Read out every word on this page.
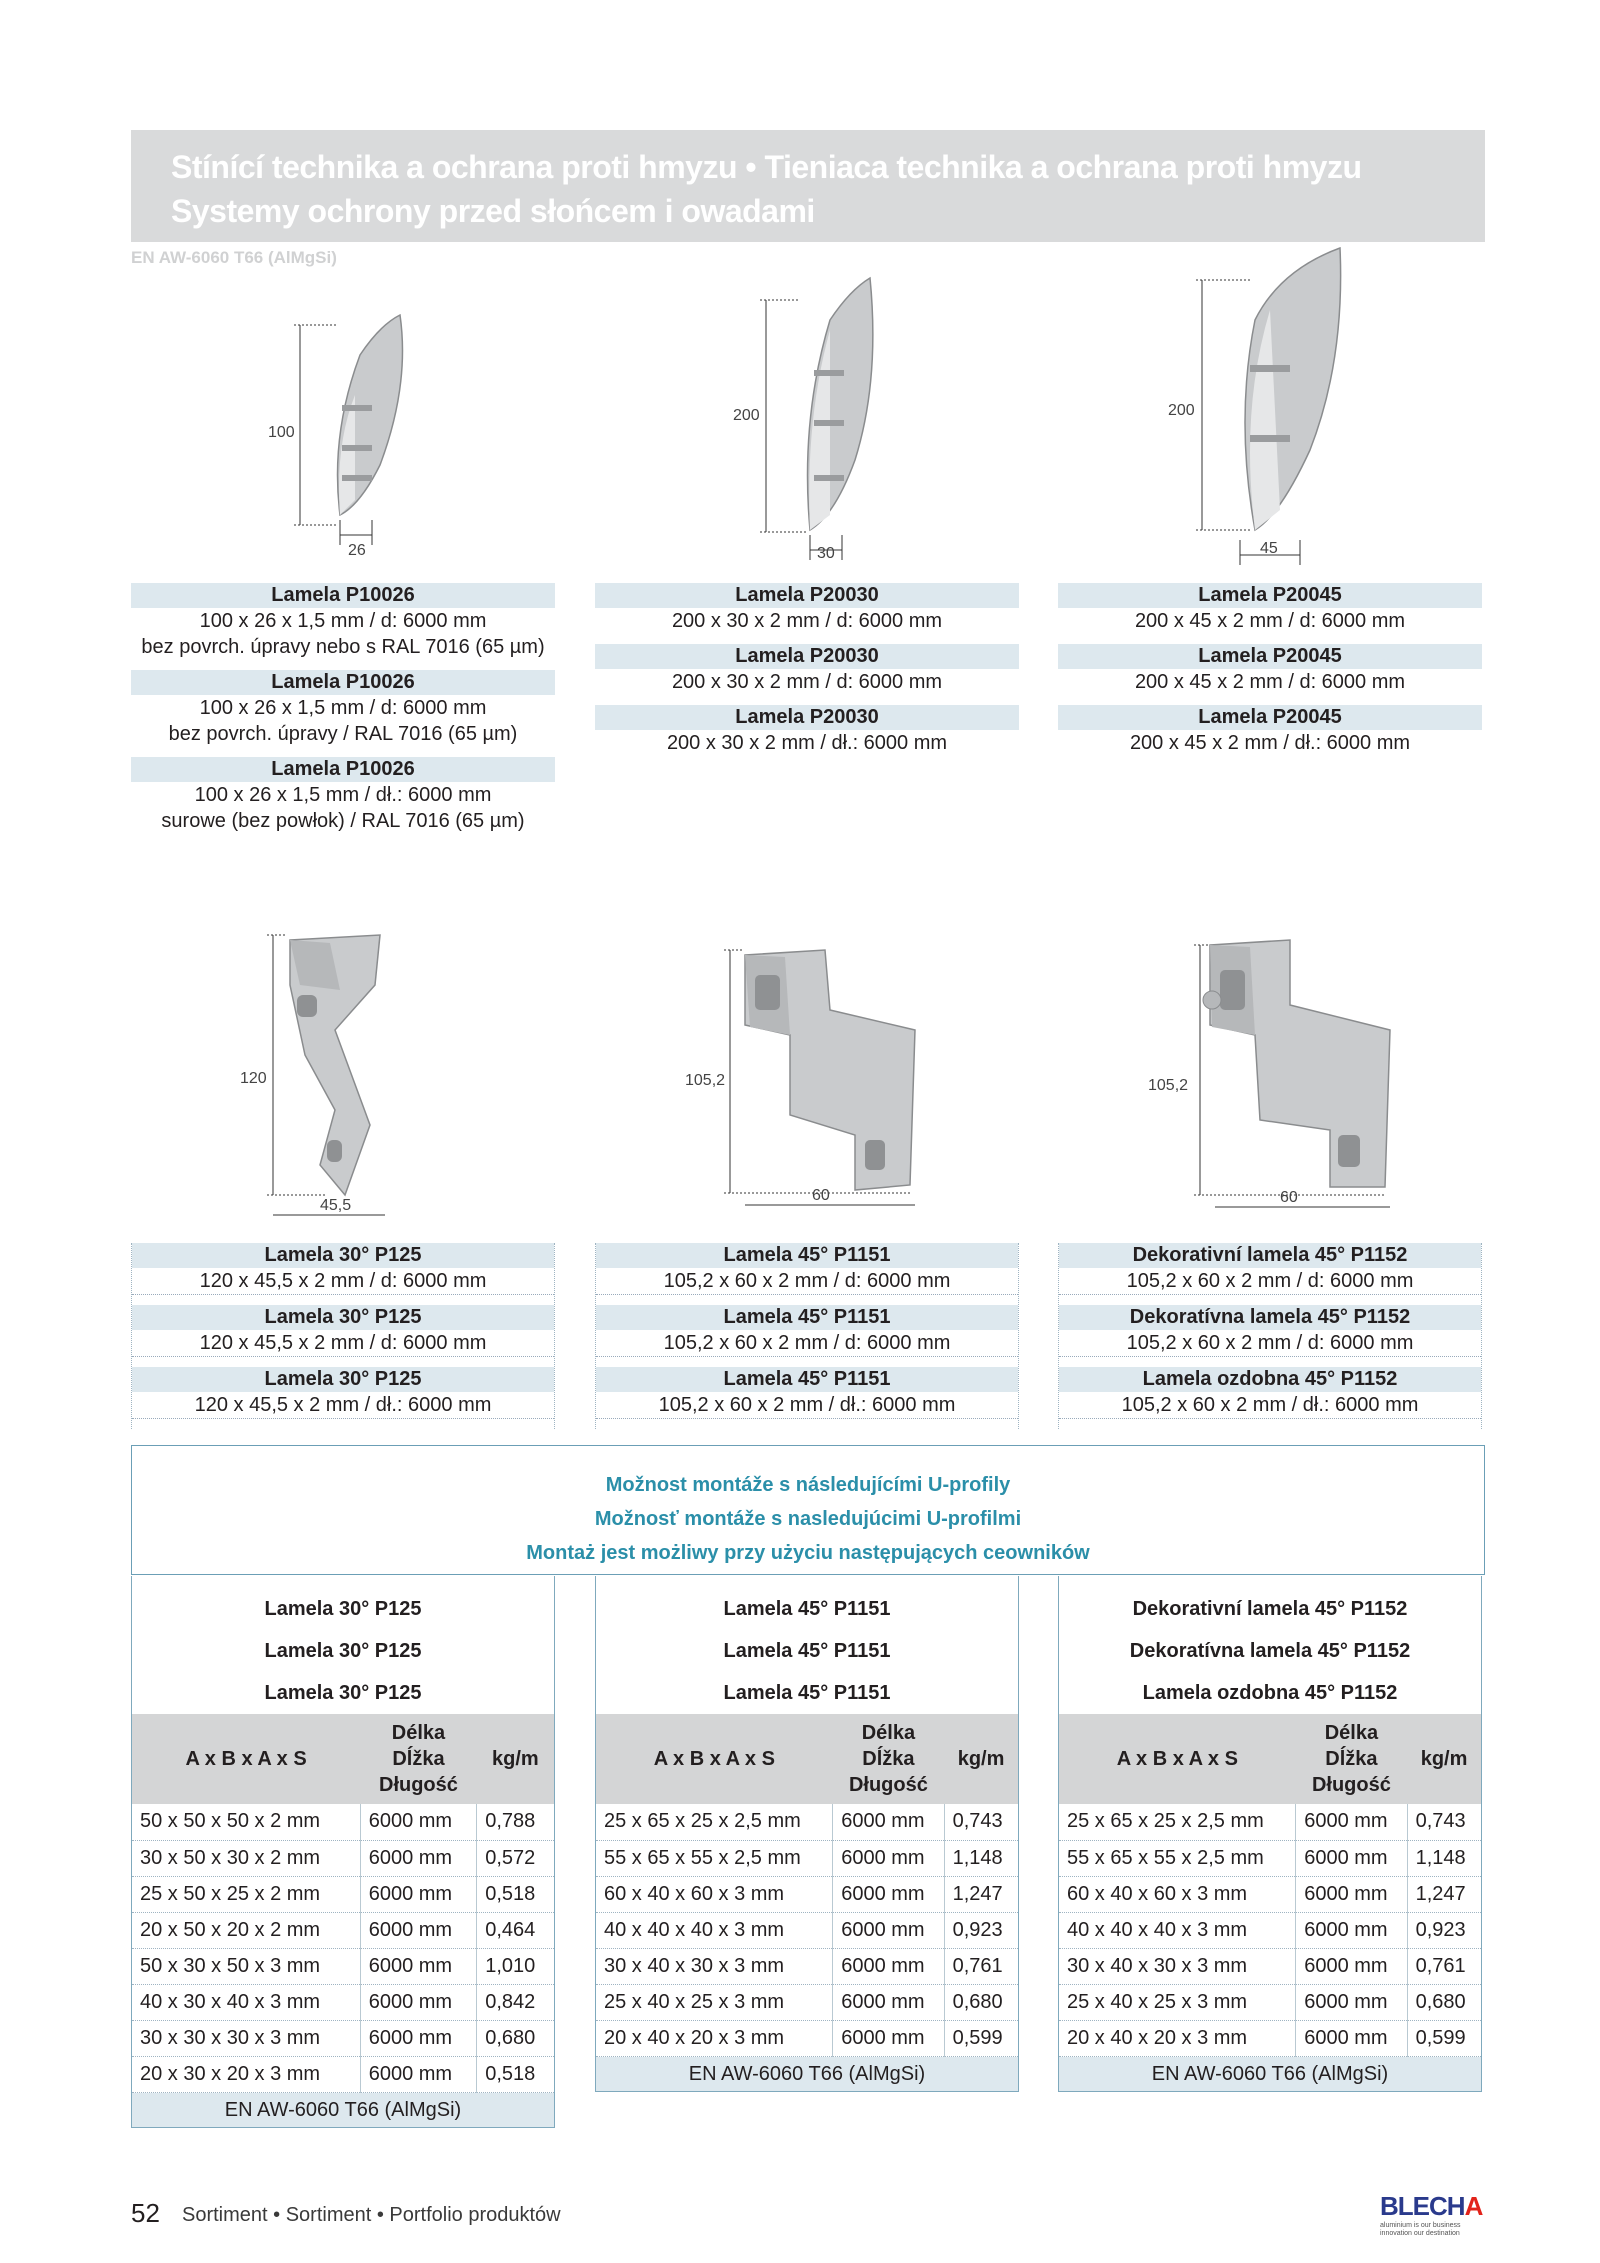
Stínící technika a ochrana proti hmyzu • Tieniaca technika a ochrana proti hmyzu
Systemy ochrony przed słońcem i owadami
EN AW-6060 T66 (AlMgSi)
100
26
200
30
200
45
Lamela P10026
100 x 26 x 1,5 mm / d: 6000 mm
bez povrch. úpravy nebo s RAL 7016 (65 µm)
Lamela P10026
100 x 26 x 1,5 mm / d: 6000 mm
bez povrch. úpravy / RAL 7016 (65 µm)
Lamela P10026
100 x 26 x 1,5 mm / dł.: 6000 mm
surowe (bez powłok) / RAL 7016 (65 µm)
Lamela P20030
200 x 30 x 2 mm / d: 6000 mm
Lamela P20030
200 x 30 x 2 mm / d: 6000 mm
Lamela P20030
200 x 30 x 2 mm / dł.: 6000 mm
Lamela P20045
200 x 45 x 2 mm / d: 6000 mm
Lamela P20045
200 x 45 x 2 mm / d: 6000 mm
Lamela P20045
200 x 45 x 2 mm / dł.: 6000 mm
120
45,5
105,2
60
105,2
60
Lamela 30° P125
120 x 45,5 x 2 mm / d: 6000 mm
Lamela 30° P125
120 x 45,5 x 2 mm / d: 6000 mm
Lamela 30° P125
120 x 45,5 x 2 mm / dł.: 6000 mm
Lamela 45° P1151
105,2 x 60 x 2 mm / d: 6000 mm
Lamela 45° P1151
105,2 x 60 x 2 mm / d: 6000 mm
Lamela 45° P1151
105,2 x 60 x 2 mm / dł.: 6000 mm
Dekorativní lamela 45° P1152
105,2 x 60 x 2 mm / d: 6000 mm
Dekoratívna lamela 45° P1152
105,2 x 60 x 2 mm / d: 6000 mm
Lamela ozdobna 45° P1152
105,2 x 60 x 2 mm / dł.: 6000 mm
Možnost montáže s následujícími U-profily
Možnosť montáže s nasledujúcimi U-profilmi
Montaż jest możliwy przy użyciu następujących ceowników
Lamela 30° P125
Lamela 30° P125
Lamela 30° P125
A x B x A x S	Délka
Dĺžka
Długość	kg/m
50 x 50 x 50 x 2 mm	6000 mm	0,788
30 x 50 x 30 x 2 mm	6000 mm	0,572
25 x 50 x 25 x 2 mm	6000 mm	0,518
20 x 50 x 20 x 2 mm	6000 mm	0,464
50 x 30 x 50 x 3 mm	6000 mm	1,010
40 x 30 x 40 x 3 mm	6000 mm	0,842
30 x 30 x 30 x 3 mm	6000 mm	0,680
20 x 30 x 20 x 3 mm	6000 mm	0,518
EN AW-6060 T66 (AlMgSi)
Lamela 45° P1151
Lamela 45° P1151
Lamela 45° P1151
A x B x A x S	Délka
Dĺžka
Długość	kg/m
25 x 65 x 25 x 2,5 mm	6000 mm	0,743
55 x 65 x 55 x 2,5 mm	6000 mm	1,148
60 x 40 x 60 x 3 mm	6000 mm	1,247
40 x 40 x 40 x 3 mm	6000 mm	0,923
30 x 40 x 30 x 3 mm	6000 mm	0,761
25 x 40 x 25 x 3 mm	6000 mm	0,680
20 x 40 x 20 x 3 mm	6000 mm	0,599
EN AW-6060 T66 (AlMgSi)
Dekorativní lamela 45° P1152
Dekoratívna lamela 45° P1152
Lamela ozdobna 45° P1152
A x B x A x S	Délka
Dĺžka
Długość	kg/m
25 x 65 x 25 x 2,5 mm	6000 mm	0,743
55 x 65 x 55 x 2,5 mm	6000 mm	1,148
60 x 40 x 60 x 3 mm	6000 mm	1,247
40 x 40 x 40 x 3 mm	6000 mm	0,923
30 x 40 x 30 x 3 mm	6000 mm	0,761
25 x 40 x 25 x 3 mm	6000 mm	0,680
20 x 40 x 20 x 3 mm	6000 mm	0,599
EN AW-6060 T66 (AlMgSi)
52 Sortiment • Sortiment • Portfolio produktów	BLECHA
aluminium is our business
innovation our destination
